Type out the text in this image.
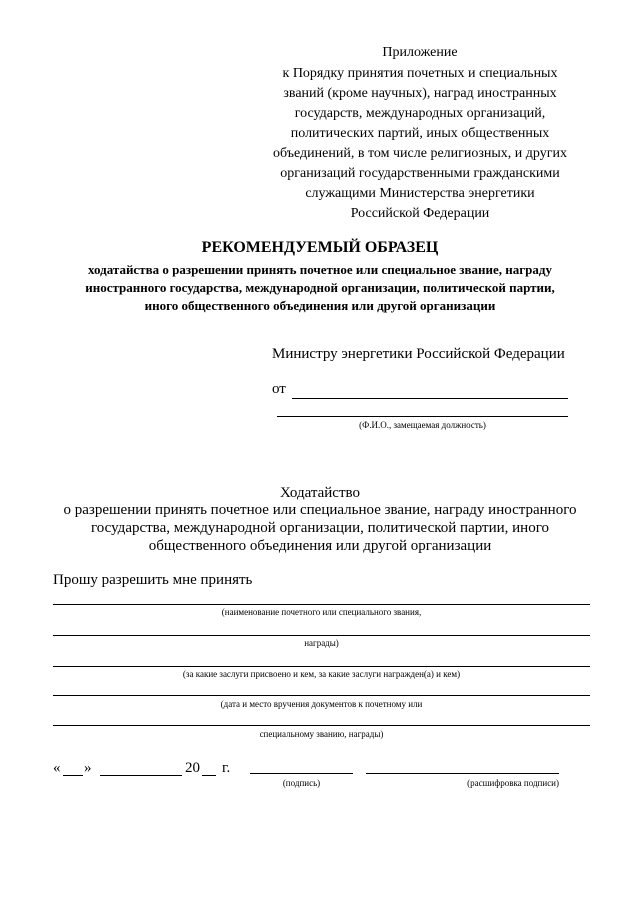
Приложение
к Порядку принятия почетных и специальных
званий (кроме научных), наград иностранных
государств, международных организаций,
политических партий, иных общественных
объединений, в том числе религиозных, и других
организаций государственными гражданскими
служащими Министерства энергетики
Российской Федерации
РЕКОМЕНДУЕМЫЙ ОБРАЗЕЦ
ходатайства о разрешении принять почетное или специальное звание, награду
иностранного государства, международной организации, политической партии,
иного общественного объединения или другой организации
Министру энергетики Российской Федерации
от
(Ф.И.О., замещаемая должность)
Ходатайство
о разрешении принять почетное или специальное звание, награду иностранного
государства, международной организации, политической партии, иного
общественного объединения или другой организации
Прошу разрешить мне принять
(наименование почетного или специального звания,
награды)
(за какие заслуги присвоено и кем, за какие заслуги награжден(а) и кем)
(дата и место вручения документов к почетному или
специальному званию, награды)
« »	20 г.
(подпись)	(расшифровка подписи)
